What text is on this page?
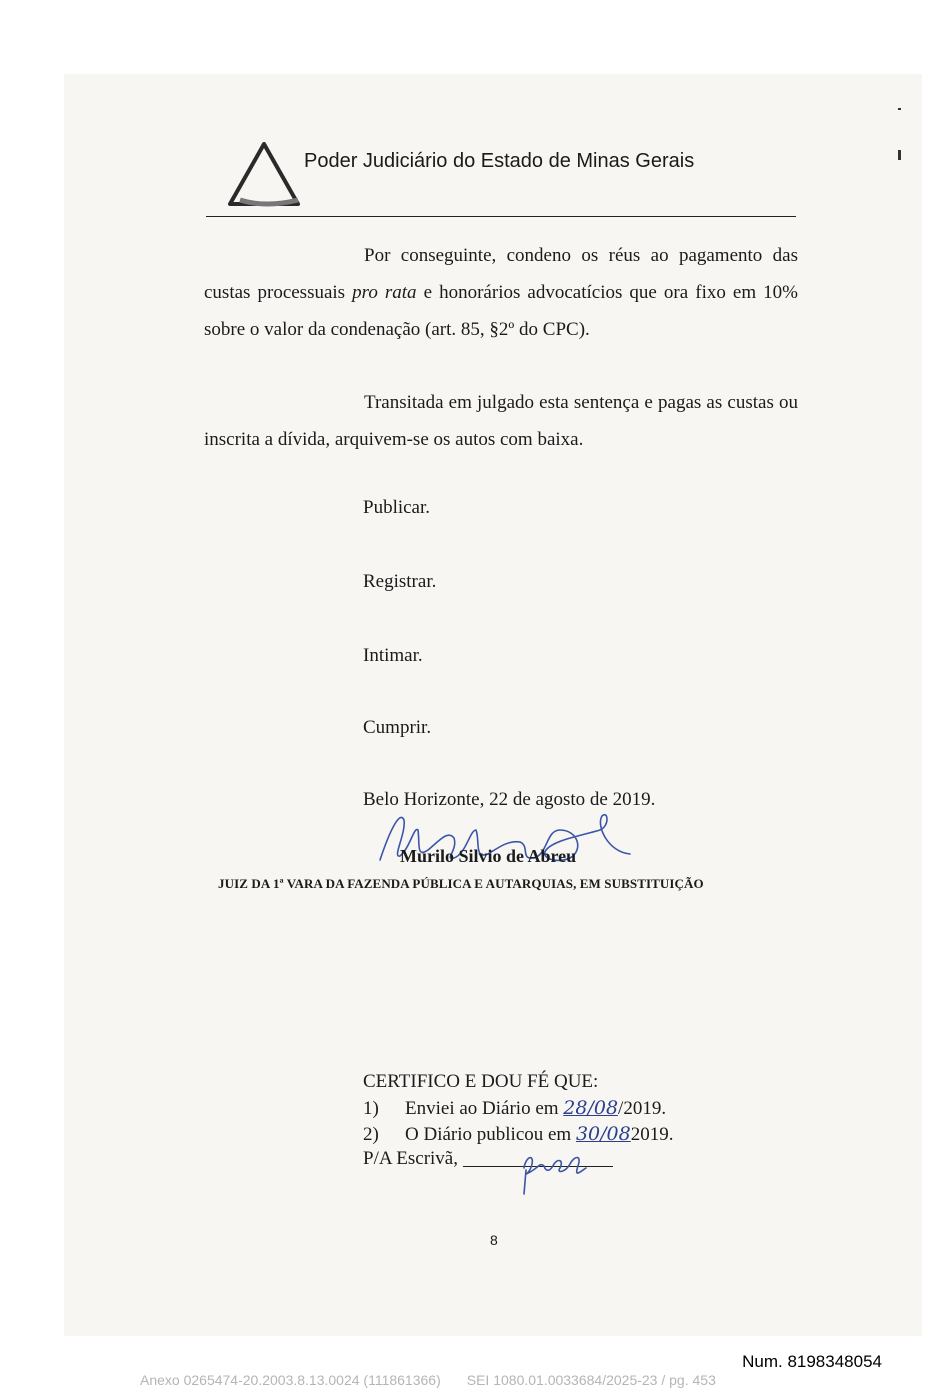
Poder Judiciário do Estado de Minas Gerais

Por conseguinte, condeno os réus ao pagamento das custas processuais pro rata e honorários advocatícios que ora fixo em 10% sobre o valor da condenação (art. 85, §2º do CPC).

Transitada em julgado esta sentença e pagas as custas ou inscrita a dívida, arquivem-se os autos com baixa.

Publicar.
Registrar.
Intimar.
Cumprir.
Belo Horizonte, 22 de agosto de 2019.
Murilo Silvio de Abreu
JUIZ DA 1ª VARA DA FAZENDA PÚBLICA E AUTARQUIAS, EM SUBSTITUIÇÃO
CERTIFICO E DOU FÉ QUE:
1) Enviei ao Diário em 28/08/2019.
2) O Diário publicou em 30/082019.
P/A Escrivã,
8
Num. 8198348054
Anexo 0265474-20.2003.8.13.0024 (111861366) SEI 1080.01.0033684/2025-23 / pg. 453
